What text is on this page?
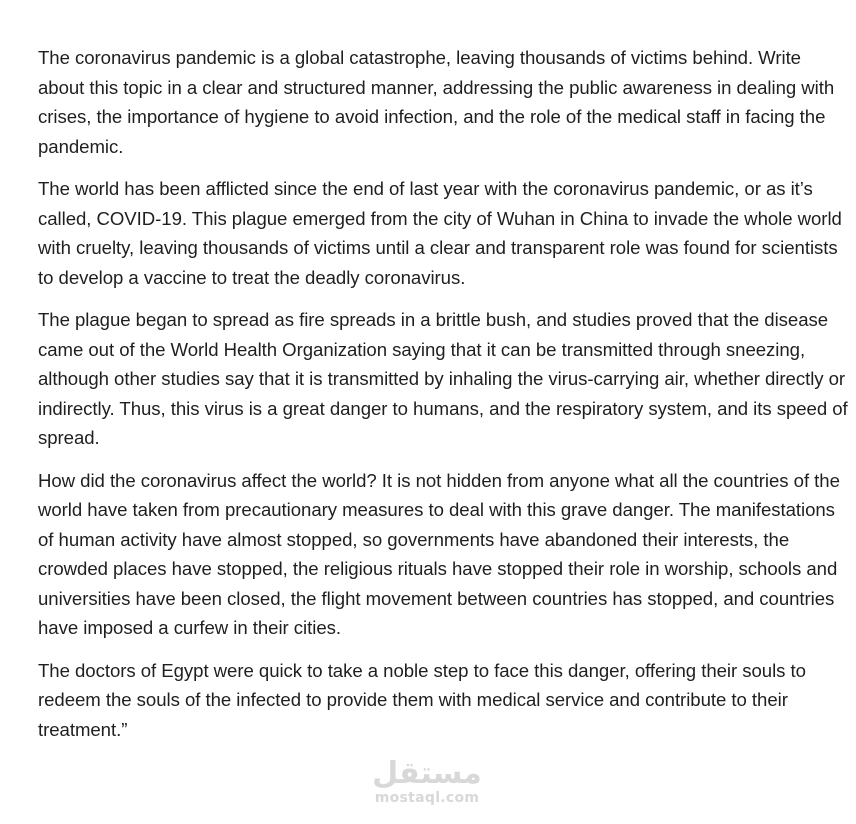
The coronavirus pandemic is a global catastrophe, leaving thousands of victims behind. Write about this topic in a clear and structured manner, addressing the public awareness in dealing with crises, the importance of hygiene to avoid infection, and the role of the medical staff in facing the pandemic.

The world has been afflicted since the end of last year with the coronavirus pandemic, or as it’s called, COVID-19. This plague emerged from the city of Wuhan in China to invade the whole world with cruelty, leaving thousands of victims until a clear and transparent role was found for scientists to develop a vaccine to treat the deadly coronavirus.

The plague began to spread as fire spreads in a brittle bush, and studies proved that the disease came out of the World Health Organization saying that it can be transmitted through sneezing, although other studies say that it is transmitted by inhaling the virus-carrying air, whether directly or indirectly. Thus, this virus is a great danger to humans, and the respiratory system, and its speed of spread.

How did the coronavirus affect the world? It is not hidden from anyone what all the countries of the world have taken from precautionary measures to deal with this grave danger. The manifestations of human activity have almost stopped, so governments have abandoned their interests, the crowded places have stopped, the religious rituals have stopped their role in worship, schools and universities have been closed, the flight movement between countries has stopped, and countries have imposed a curfew in their cities.

The doctors of Egypt were quick to take a noble step to face this danger, offering their souls to redeem the souls of the infected to provide them with medical service and contribute to their treatment.”

مستقل
mostaql.com
